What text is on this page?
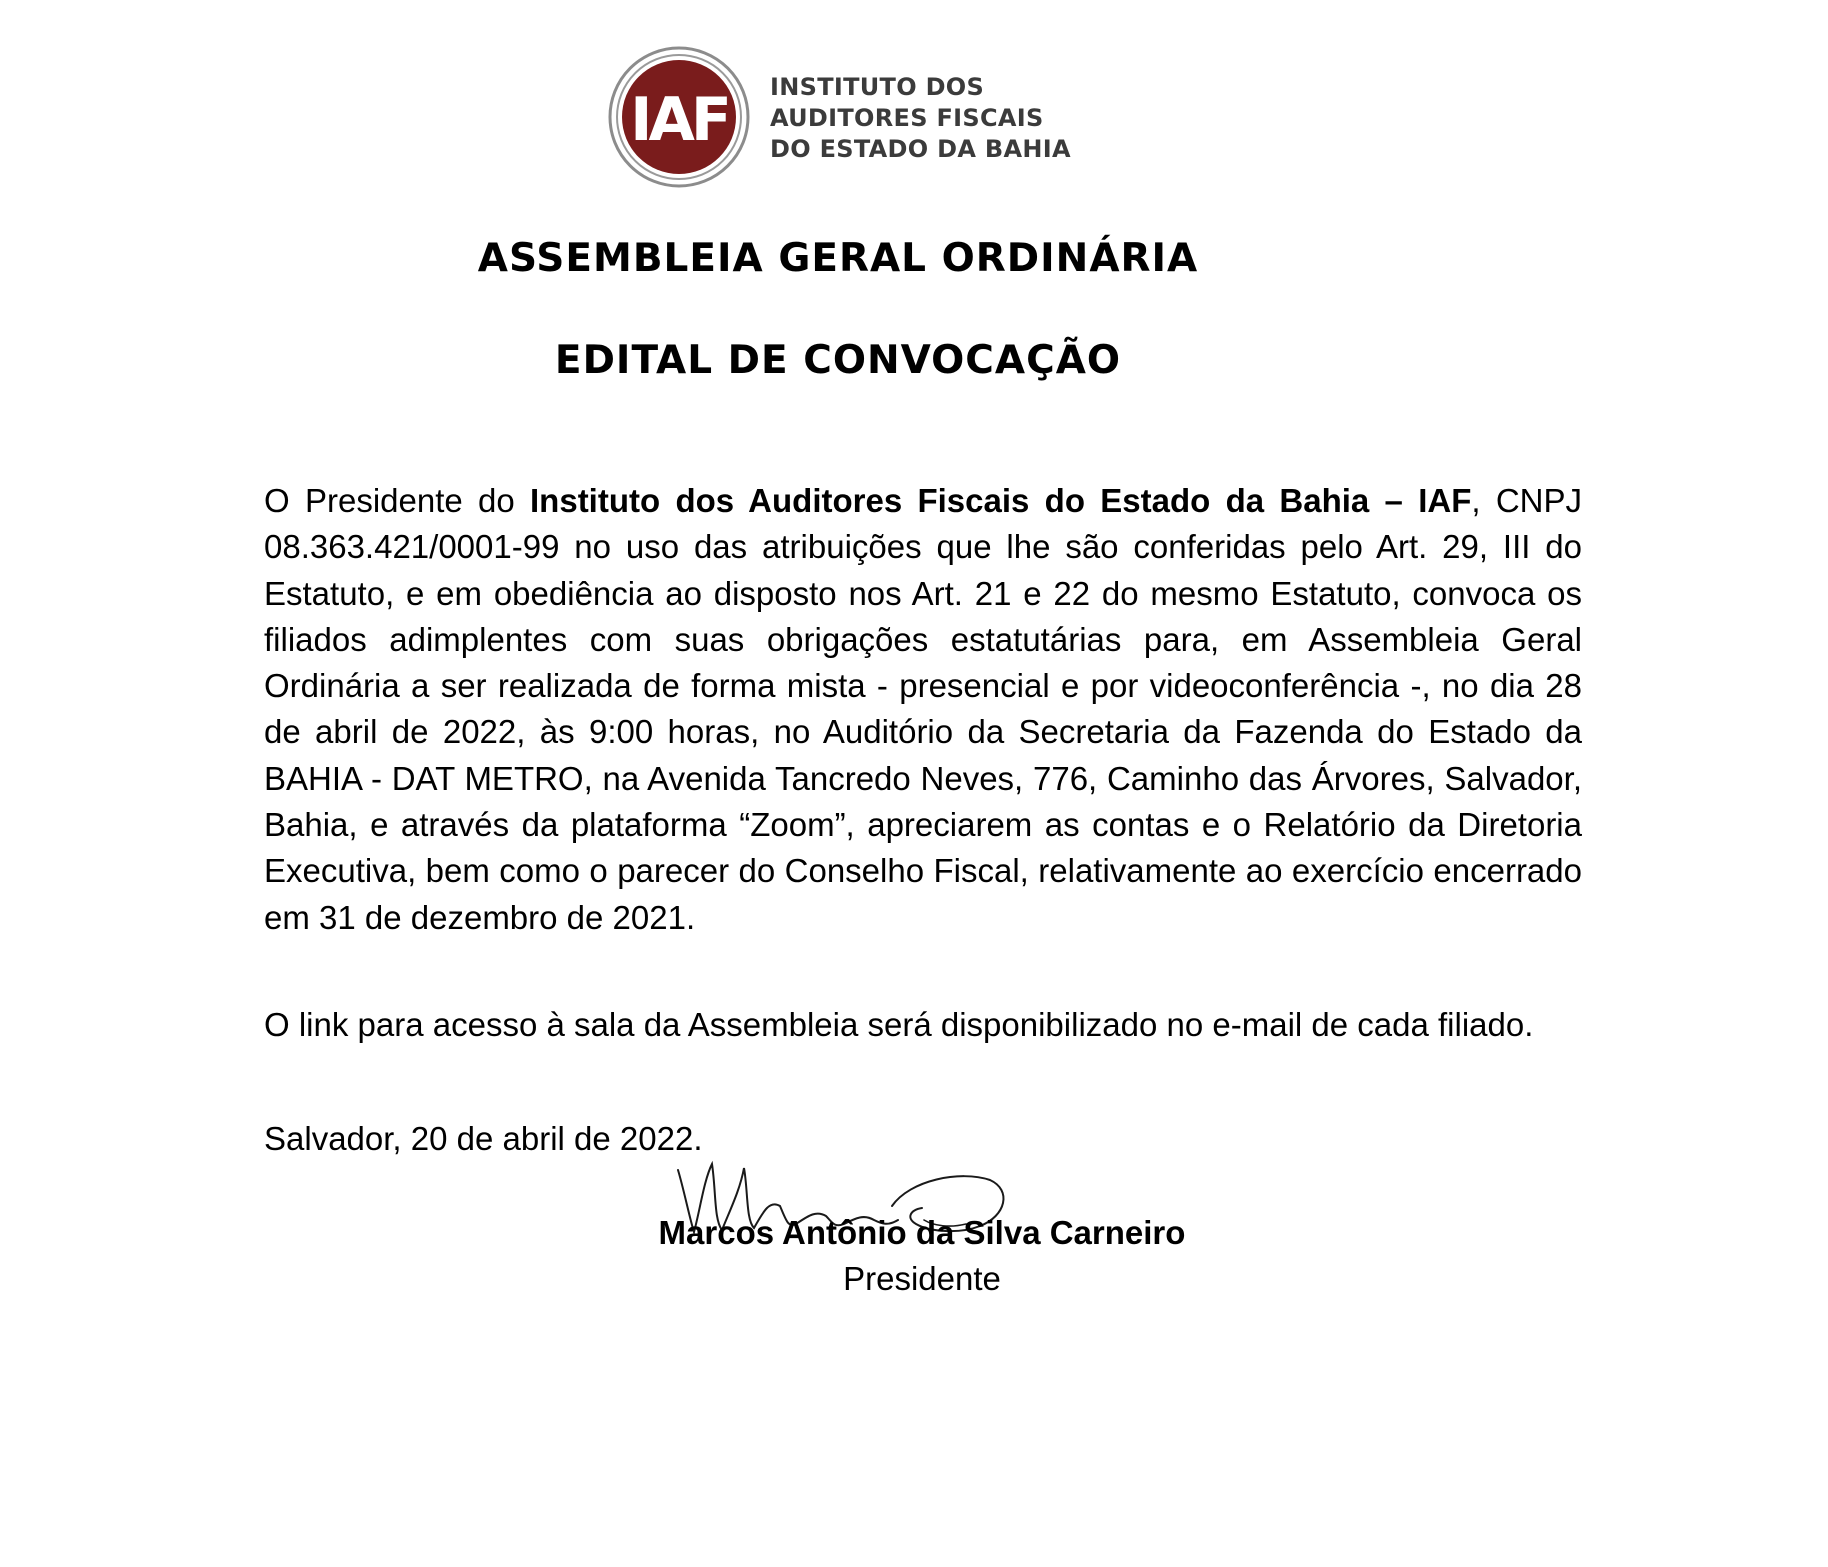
IAF INSTITUTO DOS
AUDITORES FISCAIS
DO ESTADO DA BAHIA
ASSEMBLEIA GERAL ORDINÁRIA
EDITAL DE CONVOCAÇÃO
O Presidente do Instituto dos Auditores Fiscais do Estado da Bahia – IAF, CNPJ 08.363.421/0001-99 no uso das atribuições que lhe são conferidas pelo Art. 29, III do Estatuto, e em obediência ao disposto nos Art. 21 e 22 do mesmo Estatuto, convoca os filiados adimplentes com suas obrigações estatutárias para, em Assembleia Geral Ordinária a ser realizada de forma mista - presencial e por videoconferência -, no dia 28 de abril de 2022, às 9:00 horas, no Auditório da Secretaria da Fazenda do Estado da BAHIA - DAT METRO, na Avenida Tancredo Neves, 776, Caminho das Árvores, Salvador, Bahia, e através da plataforma “Zoom”, apreciarem as contas e o Relatório da Diretoria Executiva, bem como o parecer do Conselho Fiscal, relativamente ao exercício encerrado em 31 de dezembro de 2021.
O link para acesso à sala da Assembleia será disponibilizado no e-mail de cada filiado.
Salvador, 20 de abril de 2022.
Marcos Antônio da Silva Carneiro
Presidente
